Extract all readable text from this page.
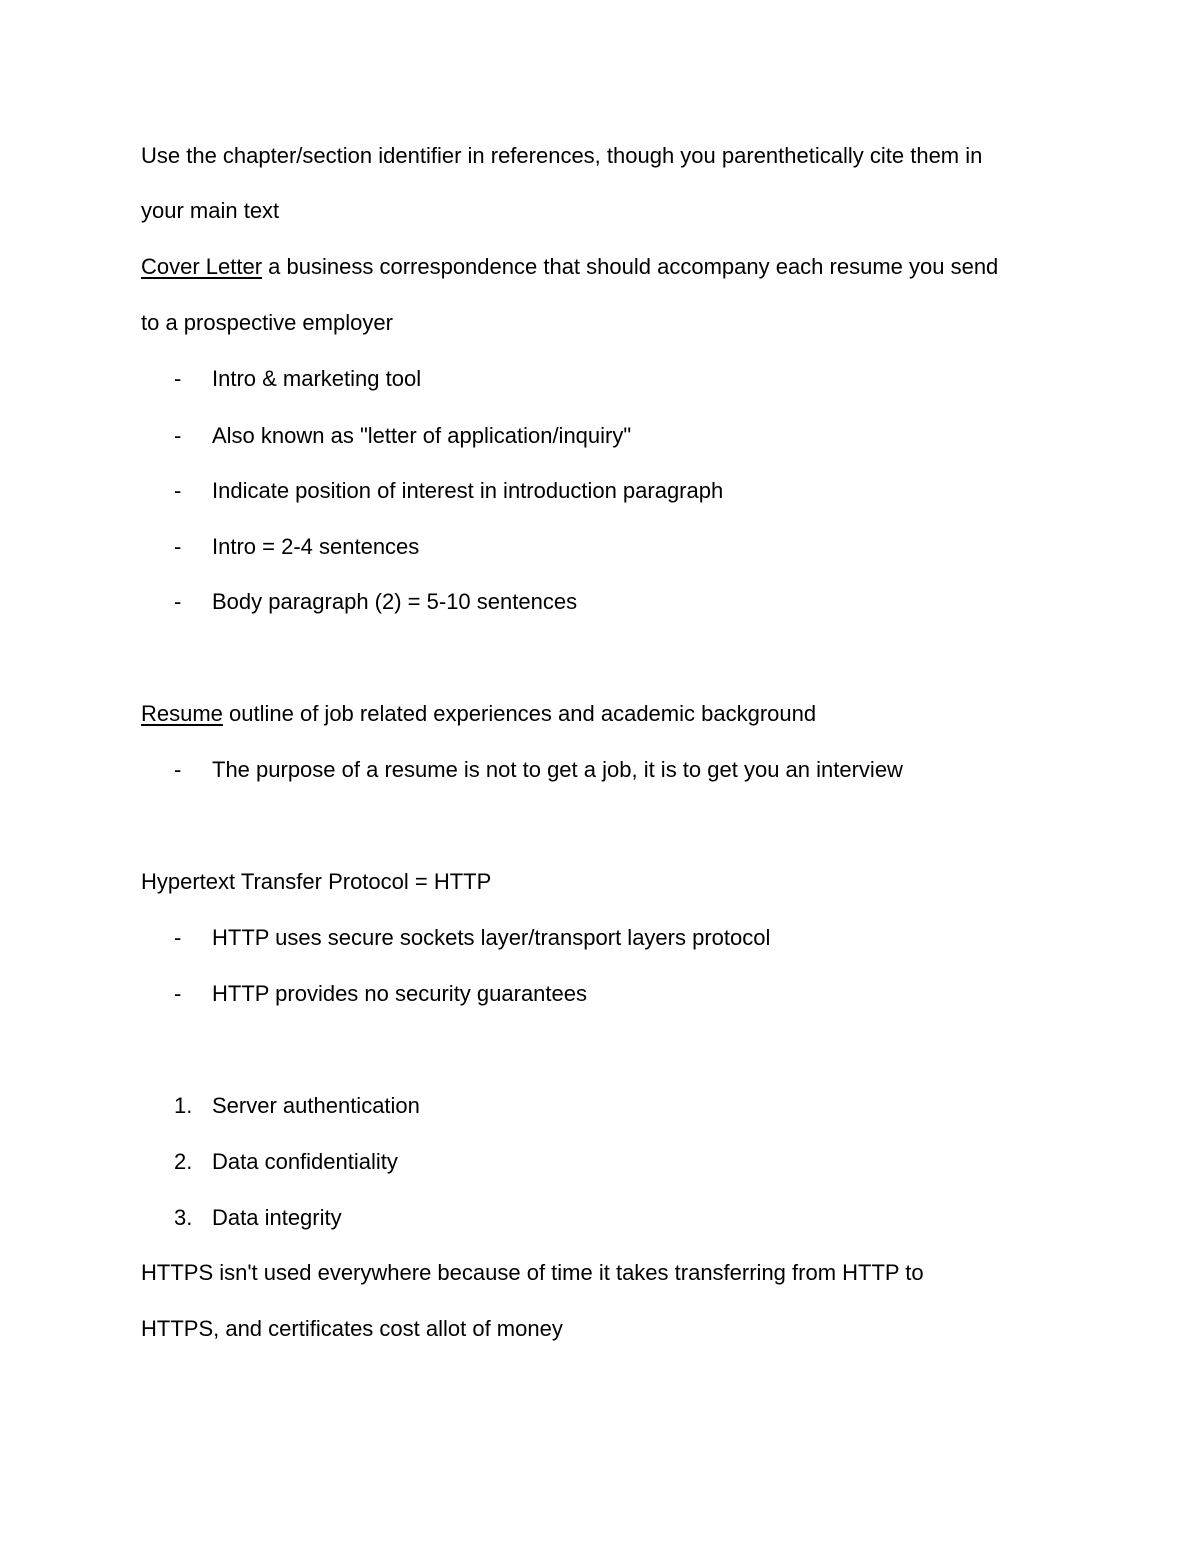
Use the chapter/section identifier in references, though you parenthetically cite them in
your main text
Cover Letter a business correspondence that should accompany each resume you send
to a prospective employer
- Intro & marketing tool
- Also known as "letter of application/inquiry"
- Indicate position of interest in introduction paragraph
- Intro = 2-4 sentences
- Body paragraph (2) = 5-10 sentences
Resume outline of job related experiences and academic background
- The purpose of a resume is not to get a job, it is to get you an interview
Hypertext Transfer Protocol = HTTP
- HTTP uses secure sockets layer/transport layers protocol
- HTTP provides no security guarantees
1. Server authentication
2. Data confidentiality
3. Data integrity
HTTPS isn't used everywhere because of time it takes transferring from HTTP to
HTTPS, and certificates cost allot of money
